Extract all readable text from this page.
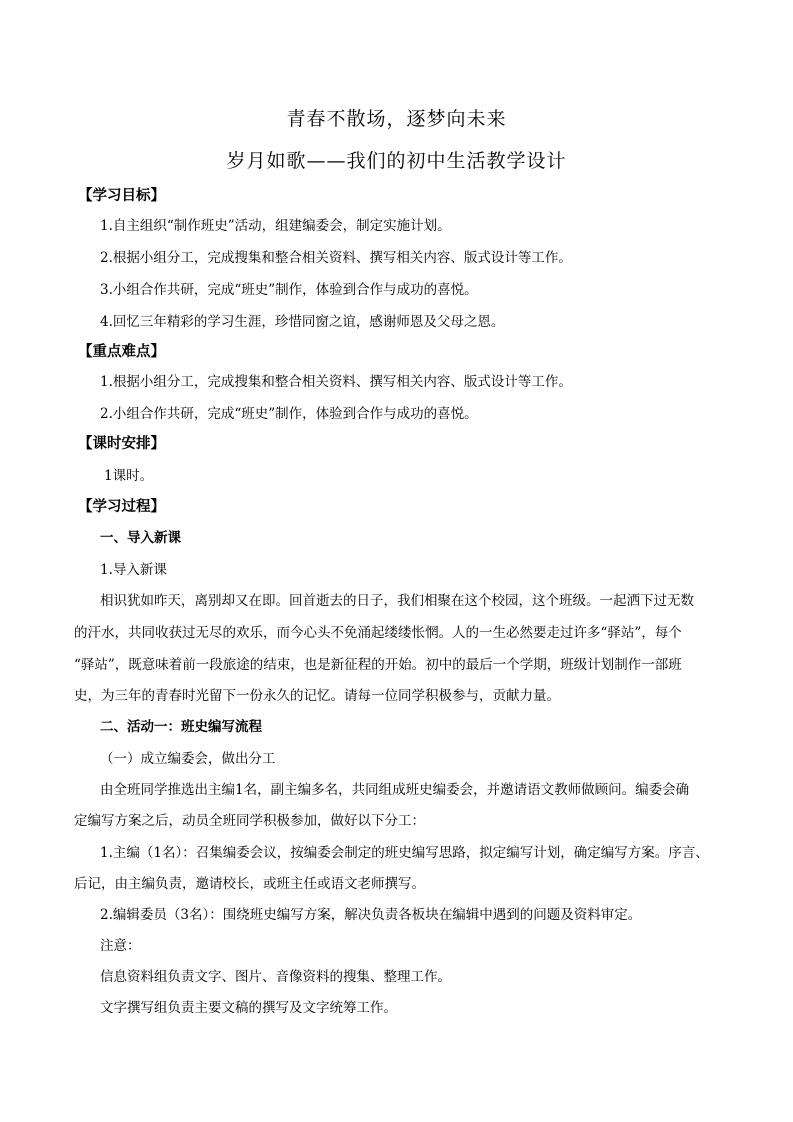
青春不散场，逐梦向未来
岁月如歌——我们的初中生活教学设计
【学习目标】
1.自主组织“制作班史”活动，组建编委会，制定实施计划。
2.根据小组分工，完成搜集和整合相关资料、撰写相关内容、版式设计等工作。
3.小组合作共研，完成“班史”制作，体验到合作与成功的喜悦。
4.回忆三年精彩的学习生涯，珍惜同窗之谊，感谢师恩及父母之恩。
【重点难点】
1.根据小组分工，完成搜集和整合相关资料、撰写相关内容、版式设计等工作。
2.小组合作共研，完成“班史”制作，体验到合作与成功的喜悦。
【课时安排】
1课时。
【学习过程】
一、导入新课
1.导入新课
相识犹如昨天，离别却又在即。回首逝去的日子，我们相聚在这个校园，这个班级。一起洒下过无数
的汗水，共同收获过无尽的欢乐，而今心头不免涌起缕缕怅惘。人的一生必然要走过许多“驿站”，每个
“驿站”，既意味着前一段旅途的结束，也是新征程的开始。初中的最后一个学期，班级计划制作一部班
史，为三年的青春时光留下一份永久的记忆。请每一位同学积极参与，贡献力量。
二、活动一：班史编写流程
（一）成立编委会，做出分工
由全班同学推选出主编1名，副主编多名，共同组成班史编委会，并邀请语文教师做顾问。编委会确
定编写方案之后，动员全班同学积极参加，做好以下分工：
1.主编（1名）：召集编委会议，按编委会制定的班史编写思路，拟定编写计划，确定编写方案。序言、
后记，由主编负责，邀请校长，或班主任或语文老师撰写。
2.编辑委员（3名）：围绕班史编写方案，解决负责各板块在编辑中遇到的问题及资料审定。
注意：
信息资料组负责文字、图片、音像资料的搜集、整理工作。
文字撰写组负责主要文稿的撰写及文字统筹工作。
